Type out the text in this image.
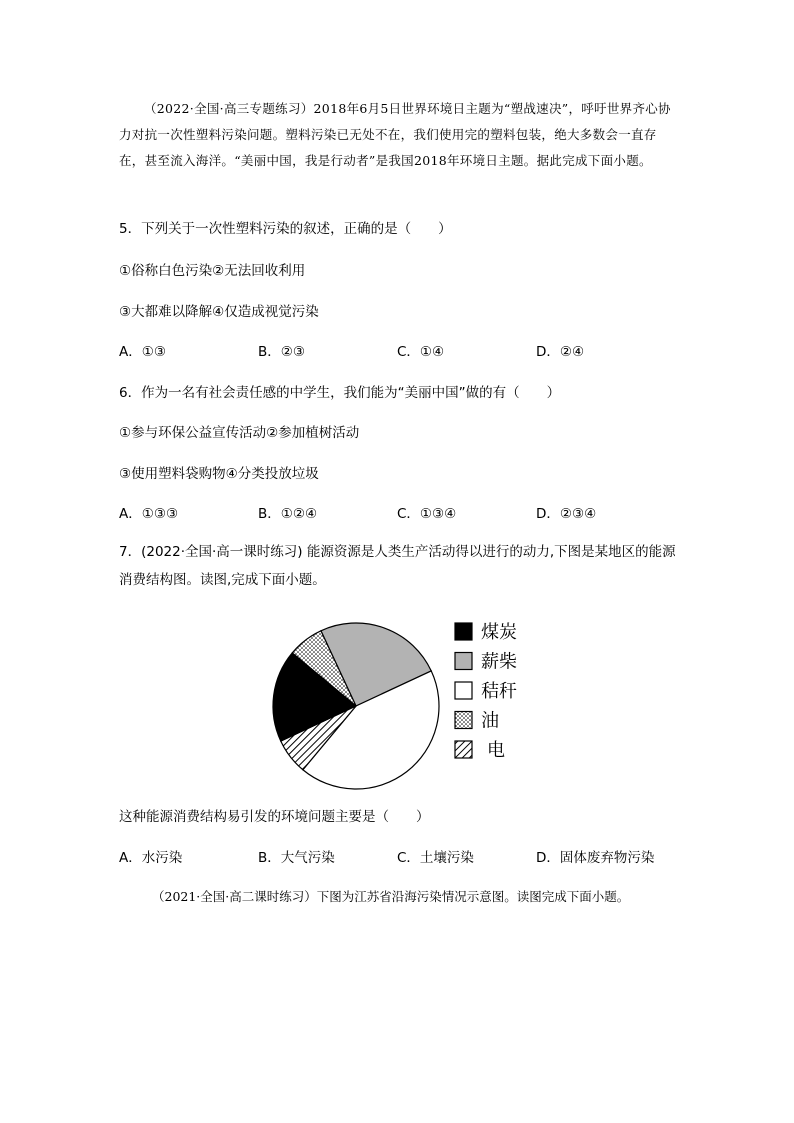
（2022·全国·高三专题练习）2018年6月5日世界环境日主题为“塑战速决”，呼吁世界齐心协力对抗一次性塑料污染问题。塑料污染已无处不在，我们使用完的塑料包装，绝大多数会一直存在，甚至流入海洋。“美丽中国，我是行动者”是我国2018年环境日主题。据此完成下面小题。
5．下列关于一次性塑料污染的叙述，正确的是（　　）
①俗称白色污染②无法回收利用
③大都难以降解④仅造成视觉污染
A．①③	B．②③	C．①④	D．②④
6．作为一名有社会责任感的中学生，我们能为“美丽中国”做的有（　　）
①参与环保公益宣传活动②参加植树活动
③使用塑料袋购物④分类投放垃圾
A．①③③	B．①②④	C．①③④	D．②③④
7．(2022·全国·高一课时练习) 能源资源是人类生产活动得以进行的动力,下图是某地区的能源消费结构图。读图,完成下面小题。
煤炭
薪柴
秸秆
油
电
这种能源消费结构易引发的环境问题主要是（　　）
A．水污染	B．大气污染	C．土壤污染	D．固体废弃物污染
（2021·全国·高二课时练习）下图为江苏省沿海污染情况示意图。读图完成下面小题。
